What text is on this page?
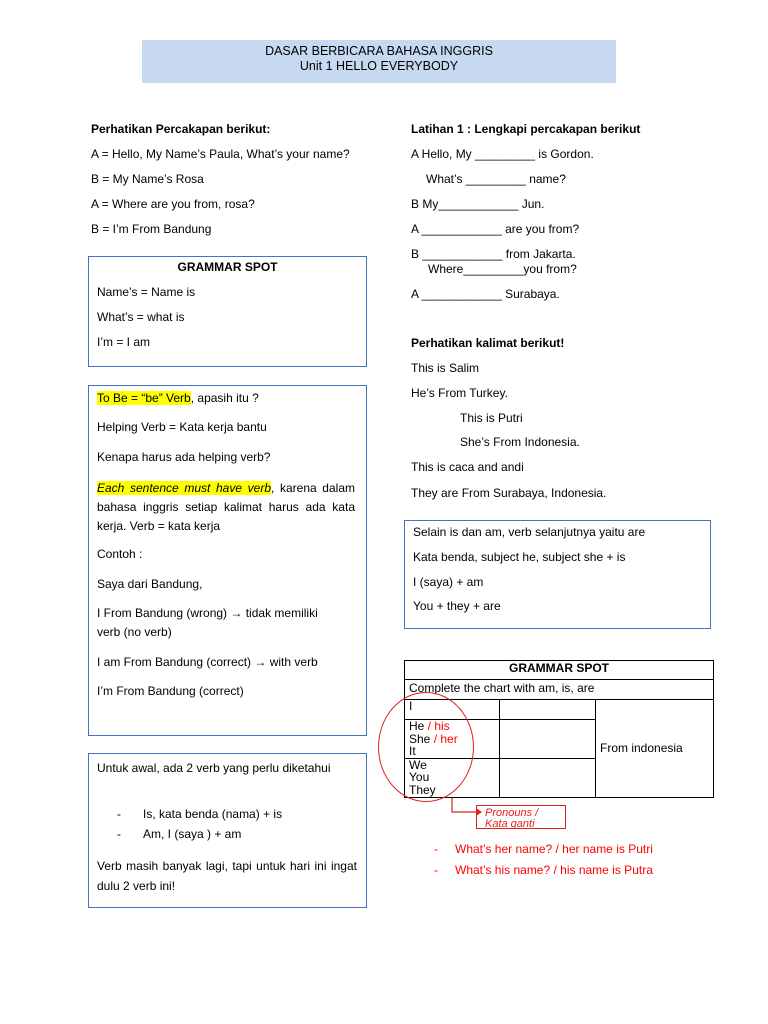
DASAR BERBICARA BAHASA INGGRIS
Unit 1 HELLO EVERYBODY
Perhatikan Percakapan berikut:
A = Hello, My Name’s Paula, What’s your name?
B = My Name’s Rosa
A = Where are you from, rosa?
B = I’m From Bandung
GRAMMAR SPOT
Name’s = Name is
What’s = what is
I’m = I am
To Be = “be” Verb, apasih itu ?
Helping Verb = Kata kerja bantu
Kenapa harus ada helping verb?
Each sentence must have verb, karena dalam bahasa inggris setiap kalimat harus ada kata kerja. Verb = kata kerja
Contoh :
Saya dari Bandung,
I From Bandung (wrong) → tidak memiliki
verb (no verb)
I am From Bandung (correct) → with verb
I’m From Bandung (correct)
Untuk awal, ada 2 verb yang perlu diketahui
- Is, kata benda (nama) + is
- Am, I (saya ) + am
Verb masih banyak lagi, tapi untuk hari ini ingat dulu 2 verb ini!
Latihan 1 : Lengkapi percakapan berikut
A Hello, My _________ is Gordon.
What’s _________ name?
B My____________ Jun.
A ____________ are you from?
B ____________ from Jakarta.
Where_________you from?
A ____________ Surabaya.
Perhatikan kalimat berikut!
This is Salim
He’s From Turkey.
This is Putri
She’s From Indonesia.
This is caca and andi
They are From Surabaya, Indonesia.
Selain is dan am, verb selanjutnya yaitu are
Kata benda, subject he, subject she + is
I (saya) + am
You + they + are
GRAMMAR SPOT		
Complete the chart with am, is, are		
I		From indonesia

He / his
She / her
It		

We
You
They		

Pronouns /
Kata ganti
- What’s her name? / her name is Putri
- What’s his name? / his name is Putra
